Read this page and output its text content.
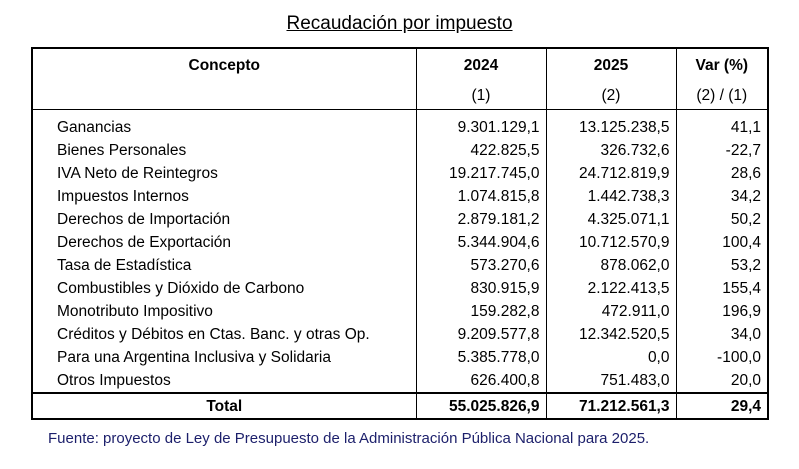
Recaudación por impuesto
Concepto	2024	2025	Var (%)
	(1)	(2)	(2) / (1)

Ganancias	9.301.129,1	13.125.238,5	41,1
Bienes Personales	422.825,5	326.732,6	-22,7
IVA Neto de Reintegros	19.217.745,0	24.712.819,9	28,6
Impuestos Internos	1.074.815,8	1.442.738,3	34,2
Derechos de Importación	2.879.181,2	4.325.071,1	50,2
Derechos de Exportación	5.344.904,6	10.712.570,9	100,4
Tasa de Estadística	573.270,6	878.062,0	53,2
Combustibles y Dióxido de Carbono	830.915,9	2.122.413,5	155,4
Monotributo Impositivo	159.282,8	472.911,0	196,9
Créditos y Débitos en Ctas. Banc. y otras Op.	9.209.577,8	12.342.520,5	34,0
Para una Argentina Inclusiva y Solidaria	5.385.778,0	0,0	-100,0
Otros Impuestos	626.400,8	751.483,0	20,0
Total	55.025.826,9	71.212.561,3	29,4
Fuente: proyecto de Ley de Presupuesto de la Administración Pública Nacional para 2025.
